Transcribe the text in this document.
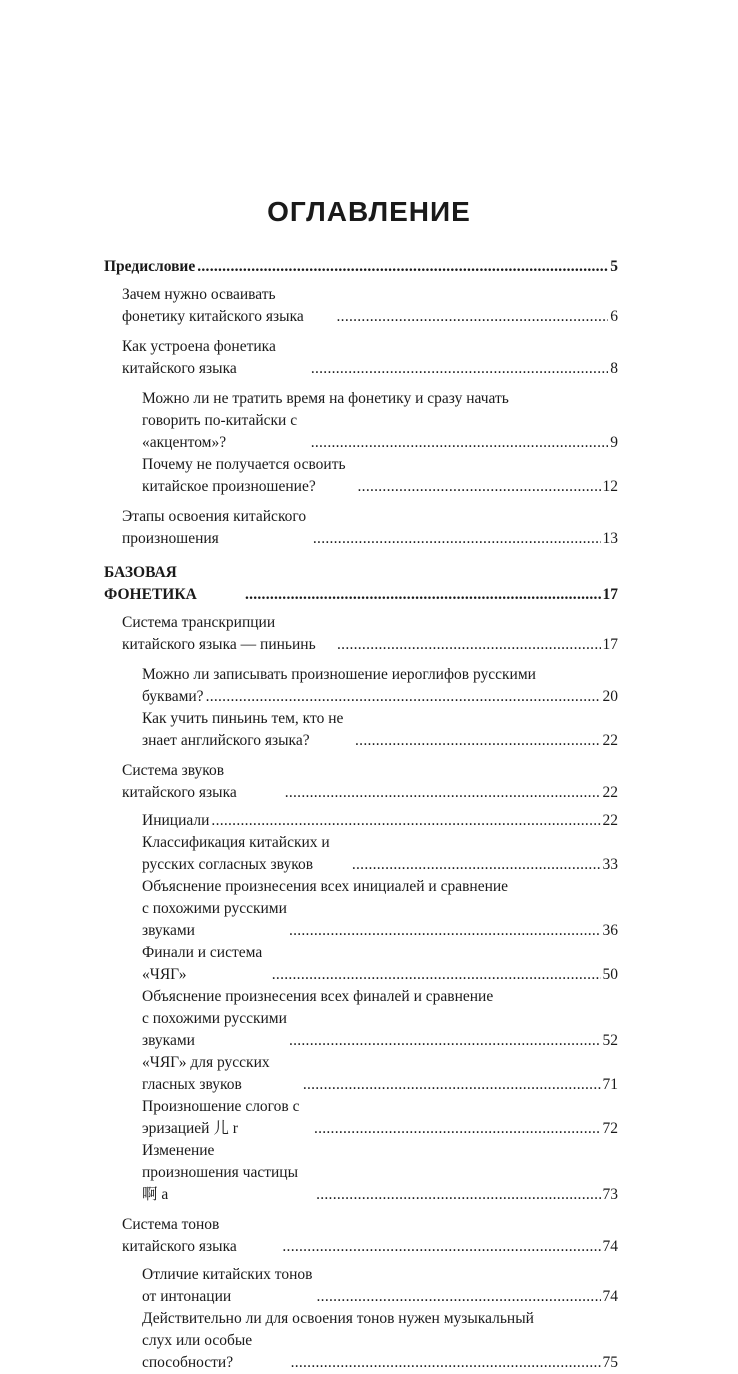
ОГЛАВЛЕНИЕ
Предисловие . . .	5
Зачем нужно осваивать фонетику китайского языка . . .	6
Как устроена фонетика китайского языка . . .	8
Можно ли не тратить время на фонетику и сразу начать
говорить по-китайски с «акцентом»? . . .	9
Почему не получается освоить китайское произношение? . . .	12
Этапы освоения китайского произношения . . .	13
БАЗОВАЯ ФОНЕТИКА . . .	17
Система транскрипции китайского языка — пиньинь . . .	17
Можно ли записывать произношение иероглифов русскими
буквами? . . .	20
Как учить пиньинь тем, кто не знает английского языка? . . .	22
Система звуков китайского языка . . .	22
Инициали . . .	22
Классификация китайских и русских согласных звуков . . .	33
Объяснение произнесения всех инициалей и сравнение
с похожими русскими звуками . . .	36
Финали и система «ЧЯГ» . . .	50
Объяснение произнесения всех финалей и сравнение
с похожими русскими звуками . . .	52
«ЧЯГ» для русских гласных звуков . . .	71
Произношение слогов с эризацией 儿 r . . .	72
Изменение произношения частицы 啊 a . . .	73
Система тонов китайского языка . . .	74
Отличие китайских тонов от интонации . . .	74
Действительно ли для освоения тонов нужен музыкальный
слух или особые способности? . . .	75
